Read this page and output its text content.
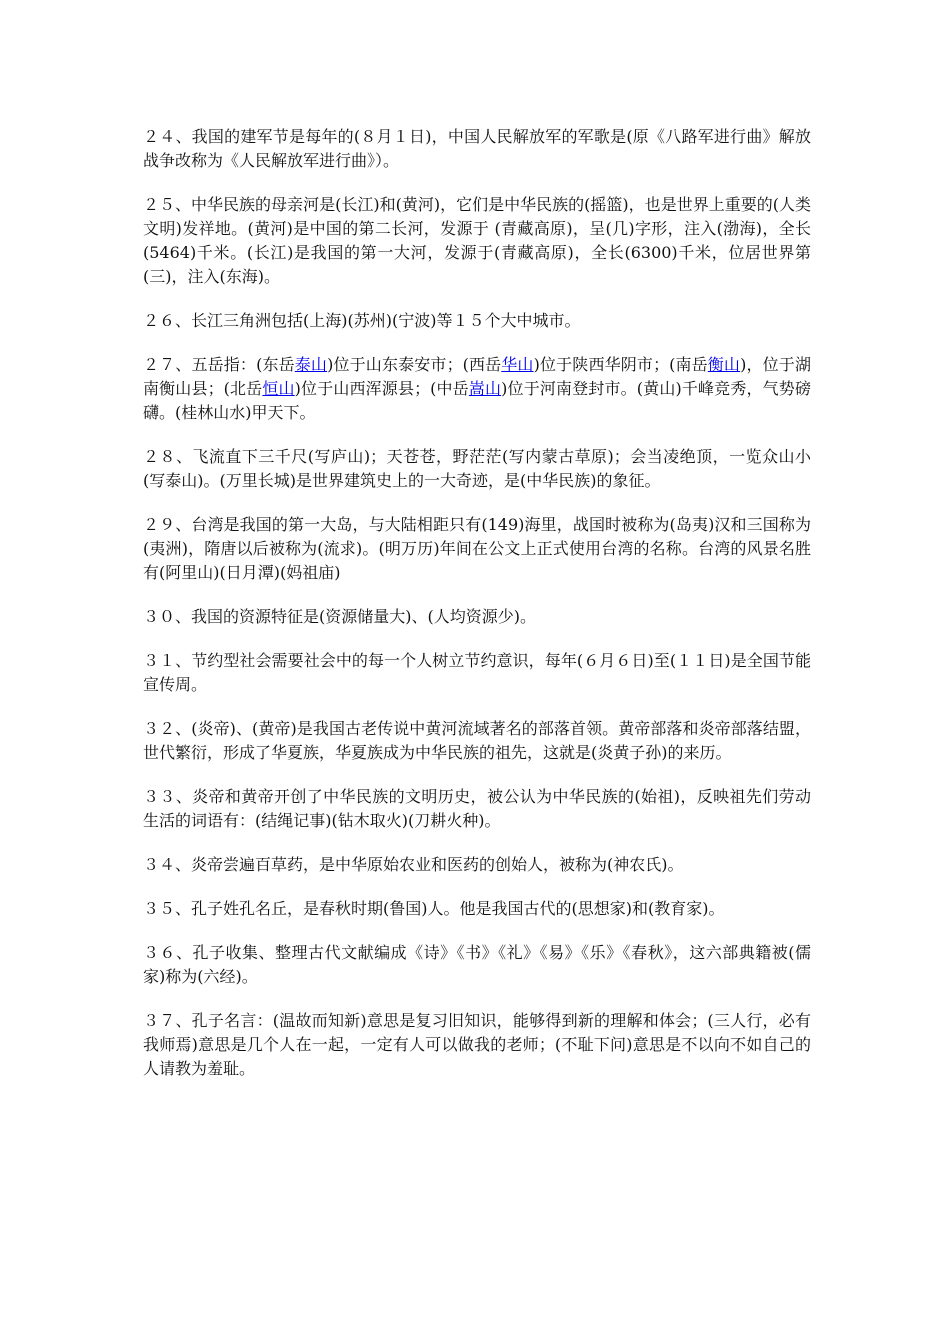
２４、我国的建军节是每年的(８月１日)，中国人民解放军的军歌是(原《八路军进行曲》解放战争改称为《人民解放军进行曲》）。

２５、中华民族的母亲河是(长江)和(黄河)，它们是中华民族的(摇篮)，也是世界上重要的(人类文明)发祥地。(黄河)是中国的第二长河，发源于 (青藏高原)，呈(几)字形，注入(渤海)，全长(5464)千米。(长江)是我国的第一大河，发源于(青藏高原)，全长(6300)千米，位居世界第 (三)，注入(东海)。

２６、长江三角洲包括(上海)(苏州)(宁波)等１５个大中城市。

２７、五岳指：(东岳泰山)位于山东泰安市；(西岳华山)位于陕西华阴市；(南岳衡山)，位于湖南衡山县；(北岳恒山)位于山西浑源县；(中岳嵩山)位于河南登封市。(黄山)千峰竞秀，气势磅礴。(桂林山水)甲天下。

２８、飞流直下三千尺(写庐山)；天苍苍，野茫茫(写内蒙古草原)；会当凌绝顶，一览众山小(写泰山)。(万里长城)是世界建筑史上的一大奇迹，是(中华民族)的象征。

２９、台湾是我国的第一大岛，与大陆相距只有(149)海里，战国时被称为(岛夷)汉和三国称为(夷洲)，隋唐以后被称为(流求)。(明万历)年间在公文上正式使用台湾的名称。台湾的风景名胜有(阿里山)(日月潭)(妈祖庙)

３０、我国的资源特征是(资源储量大)、(人均资源少)。

３１、节约型社会需要社会中的每一个人树立节约意识，每年(６月６日)至(１１日)是全国节能宣传周。

３２、(炎帝)、(黄帝)是我国古老传说中黄河流域著名的部落首领。黄帝部落和炎帝部落结盟，世代繁衍，形成了华夏族，华夏族成为中华民族的祖先，这就是(炎黄子孙)的来历。

３３、炎帝和黄帝开创了中华民族的文明历史，被公认为中华民族的(始祖)，反映祖先们劳动生活的词语有：(结绳记事)(钻木取火)(刀耕火种)。

３４、炎帝尝遍百草药，是中华原始农业和医药的创始人，被称为(神农氏)。

３５、孔子姓孔名丘，是春秋时期(鲁国)人。他是我国古代的(思想家)和(教育家)。

３６、孔子收集、整理古代文献编成《诗》《书》《礼》《易》《乐》《春秋》，这六部典籍被(儒家)称为(六经)。

３７、孔子名言：(温故而知新)意思是复习旧知识，能够得到新的理解和体会；(三人行，必有我师焉)意思是几个人在一起，一定有人可以做我的老师；(不耻下问)意思是不以向不如自己的人请教为羞耻。
